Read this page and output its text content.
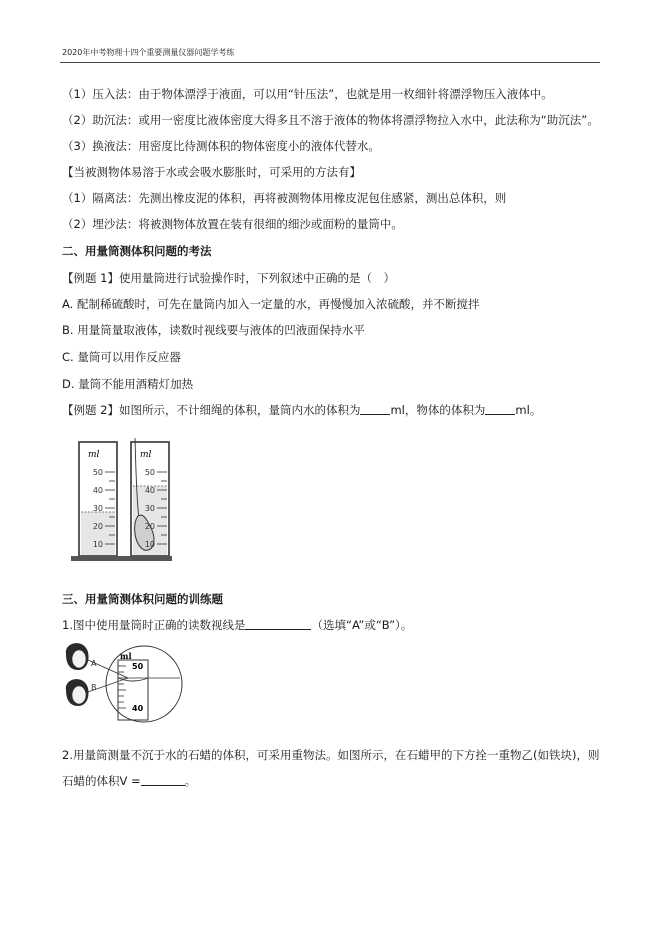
2020年中考物理十四个重要测量仪器问题学考练
（1）压入法：由于物体漂浮于液面，可以用“针压法”，也就是用一枚细针将漂浮物压入液体中。
（2）助沉法：或用一密度比液体密度大得多且不溶于液体的物体将漂浮物拉入水中，此法称为“助沉法”。
（3）换液法：用密度比待测体积的物体密度小的液体代替水。
【当被测物体易溶于水或会吸水膨胀时，可采用的方法有】
（1）隔离法：先测出橡皮泥的体积，再将被测物体用橡皮泥包住感紧，测出总体积，则
（2）埋沙法：将被测物体放置在装有很细的细沙或面粉的量筒中。
二、用量筒测体积问题的考法
【例题 1】使用量筒进行试验操作时，下列叙述中正确的是（　）
A. 配制稀硫酸时，可先在量筒内加入一定量的水，再慢慢加入浓硫酸，并不断搅拌
B. 用量筒量取液体，读数时视线要与液体的凹液面保持水平
C. 量筒可以用作反应器
D. 量筒不能用酒精灯加热
【例题 2】如图所示，不计细绳的体积，量筒内水的体积为	ml，物体的体积为	ml。
ml
50
40
30
20
10
ml
50
40
30
20
10
三、用量筒测体积问题的训练题
1.图中使用量筒时正确的读数视线是	（选填“A”或“B”）。
A
B
ml
50
40
2.用量筒测量不沉于水的石蜡的体积，可采用重物法。如图所示，在石蜡甲的下方拴一重物乙(如铁块)，则
石蜡的体积V =	。
